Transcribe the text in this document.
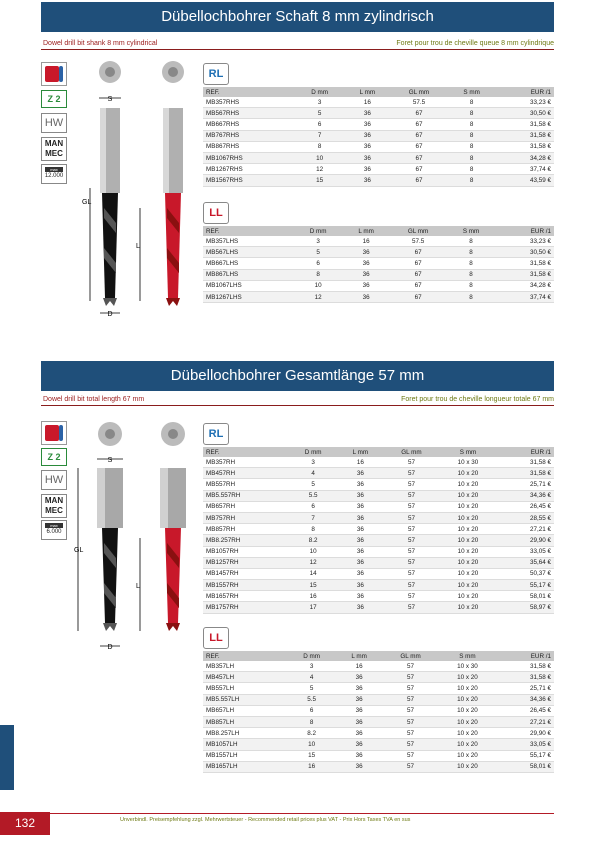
Dübellochbohrer Schaft 8 mm zylindrisch
Dowel drill bit shank 8 mm cylindrical	Foret pour trou de cheville queue 8 mm cylindrique
Z 2
HW
MAN
MEC
max
12.000
S
GL
L
D
RL
REF.	D mm	L mm	GL mm	S mm	EUR /1
MB357RHS	3	16	57.5	8	33,23 €
MB567RHS	5	36	67	8	30,50 €
MB667RHS	6	36	67	8	31,58 €
MB767RHS	7	36	67	8	31,58 €
MB867RHS	8	36	67	8	31,58 €
MB1067RHS	10	36	67	8	34,28 €
MB1267RHS	12	36	67	8	37,74 €
MB1567RHS	15	36	67	8	43,59 €
LL
REF.	D mm	L mm	GL mm	S mm	EUR /1
MB357LHS	3	16	57.5	8	33,23 €
MB567LHS	5	36	67	8	30,50 €
MB667LHS	6	36	67	8	31,58 €
MB867LHS	8	36	67	8	31,58 €
MB1067LHS	10	36	67	8	34,28 €
MB1267LHS	12	36	67	8	37,74 €
Dübellochbohrer Gesamtlänge 57 mm
Dowel drill bit total length 67 mm	Foret pour trou de cheville longueur totale 67 mm
Z 2
HW
MAN
MEC
max
6.000
S
GL
L
D
RL
REF.	D mm	L mm	GL mm	S mm	EUR /1
MB357RH	3	16	57	10 x 30	31,58 €
MB457RH	4	36	57	10 x 20	31,58 €
MB557RH	5	36	57	10 x 20	25,71 €
MB5.557RH	5.5	36	57	10 x 20	34,36 €
MB657RH	6	36	57	10 x 20	26,45 €
MB757RH	7	36	57	10 x 20	28,55 €
MB857RH	8	36	57	10 x 20	27,21 €
MB8.257RH	8.2	36	57	10 x 20	29,90 €
MB1057RH	10	36	57	10 x 20	33,05 €
MB1257RH	12	36	57	10 x 20	35,64 €
MB1457RH	14	36	57	10 x 20	50,37 €
MB1557RH	15	36	57	10 x 20	55,17 €
MB1657RH	16	36	57	10 x 20	58,01 €
MB1757RH	17	36	57	10 x 20	58,97 €
LL
REF.	D mm	L mm	GL mm	S mm	EUR /1
MB357LH	3	16	57	10 x 30	31,58 €
MB457LH	4	36	57	10 x 20	31,58 €
MB557LH	5	36	57	10 x 20	25,71 €
MB5.557LH	5.5	36	57	10 x 20	34,36 €
MB657LH	6	36	57	10 x 20	26,45 €
MB857LH	8	36	57	10 x 20	27,21 €
MB8.257LH	8.2	36	57	10 x 20	29,90 €
MB1057LH	10	36	57	10 x 20	33,05 €
MB1557LH	15	36	57	10 x 20	55,17 €
MB1657LH	16	36	57	10 x 20	58,01 €
132	Unverbindl. Preisempfehlung zzgl. Mehrwertsteuer - Recommended retail prices plus VAT - Prix Hors Taxes TVA en sus
